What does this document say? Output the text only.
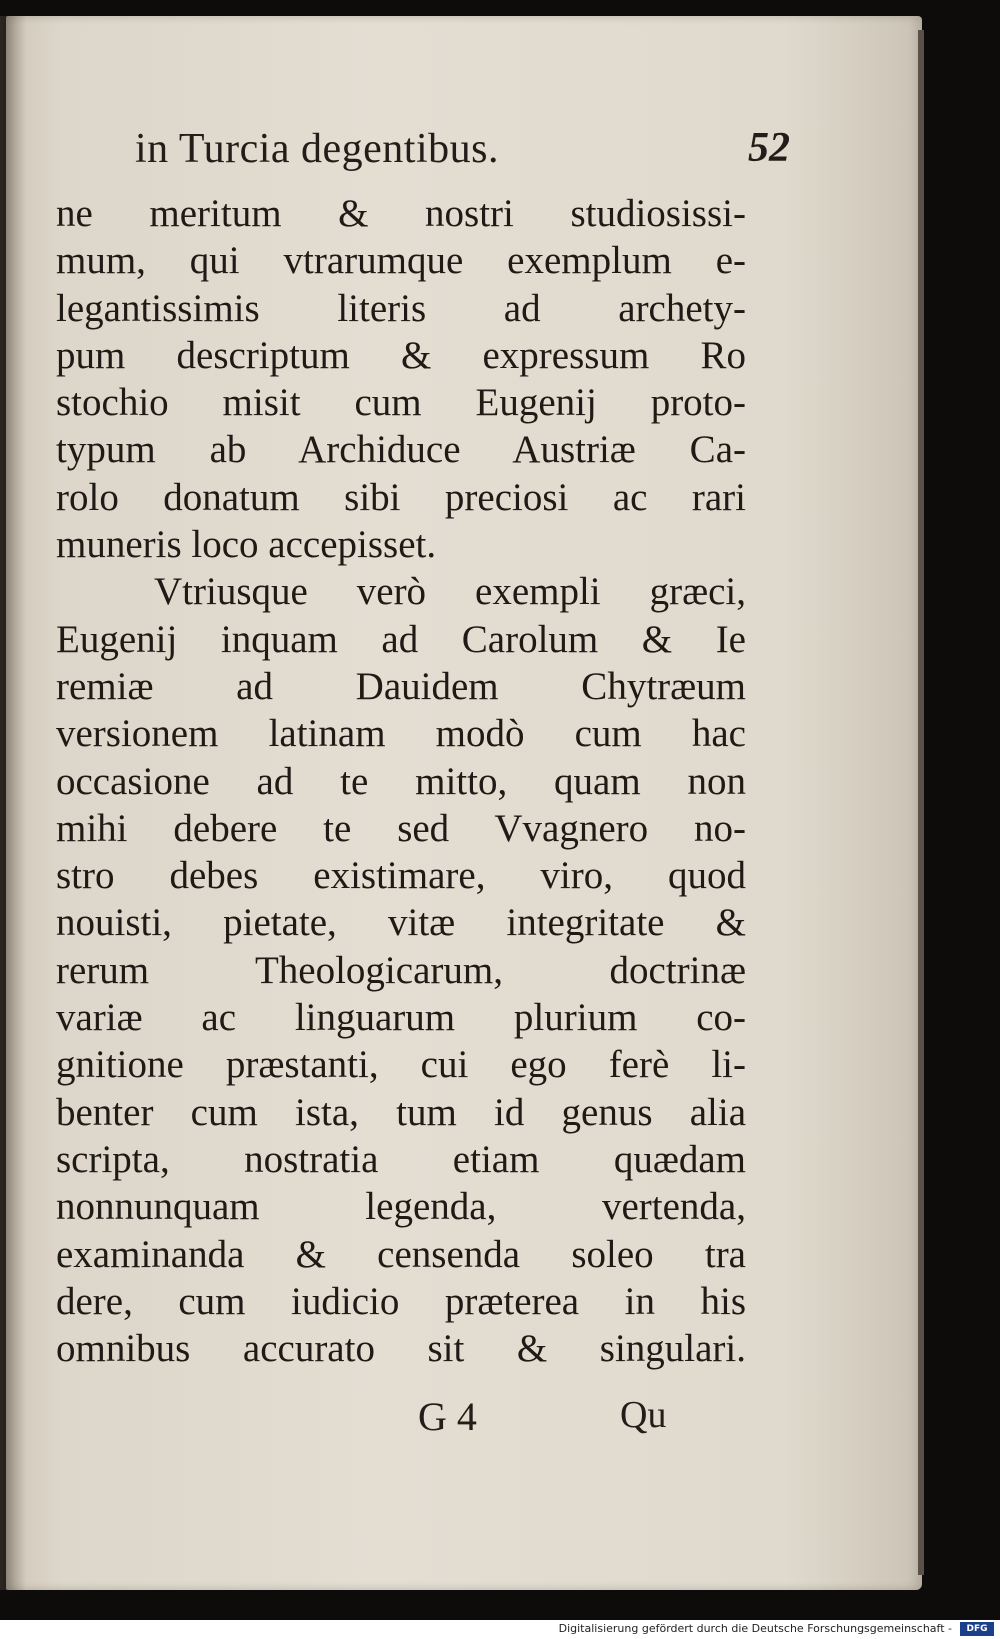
in Turcia degentibus.	52
ne meritum & nostri studiosissi-
mum, qui vtrarumque exemplum e-
legantissimis literis ad archety-
pum descriptum & expressum Ro
stochio misit cum Eugenij proto-
typum ab Archiduce Austriæ Ca-
rolo donatum sibi preciosi ac rari
muneris loco accepisset.
Vtriusque verò exempli græci,
Eugenij inquam ad Carolum & Ie
remiæ ad Dauidem Chytræum
versionem latinam modò cum hac
occasione ad te mitto, quam non
mihi debere te sed Vvagnero no-
stro debes existimare, viro, quod
nouisti, pietate, vitæ integritate &
rerum Theologicarum, doctrinæ
variæ ac linguarum plurium co-
gnitione præstanti, cui ego ferè li-
benter cum ista, tum id genus alia
scripta, nostratia etiam quædam
nonnunquam legenda, vertenda,
examinanda & censenda soleo tra
dere, cum iudicio præterea in his
omnibus accurato sit & singulari.
G 4	Qu
Digitalisierung gefördert durch die Deutsche Forschungsgemeinschaft -	DFG
